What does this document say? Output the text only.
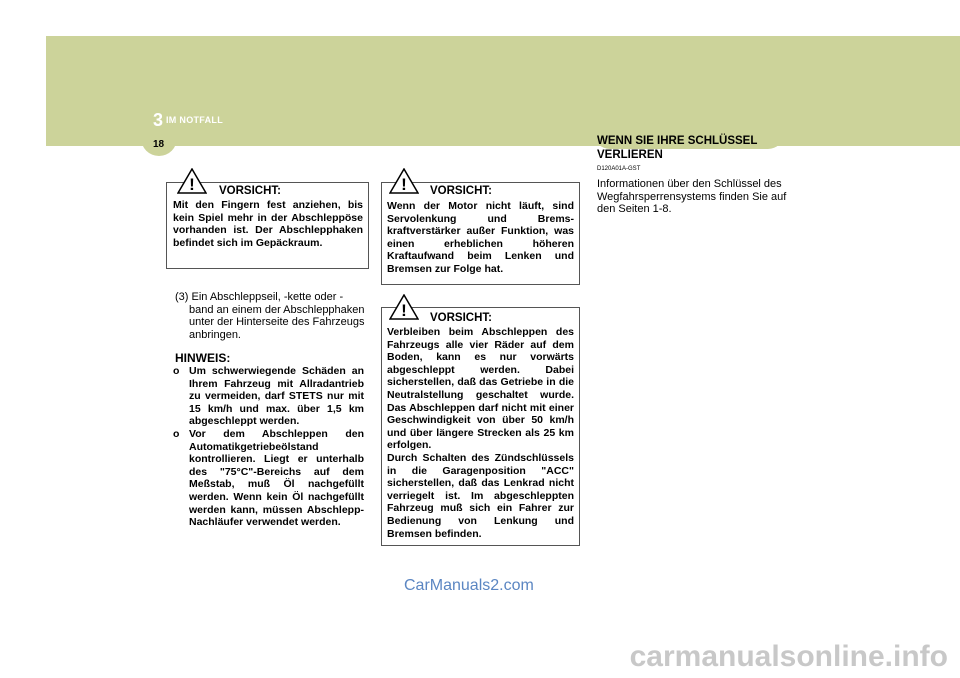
3 IM NOTFALL
18	WENN SIE IHRE SCHLÜSSEL VERLIEREN
! VORSICHT:
Mit den Fingern fest anziehen, bis kein Spiel mehr in der Abschleppöse vorhanden ist. Der Abschlepphaken befindet sich im Gepäckraum.
(3) Ein Abschleppseil, -kette oder -band an einem der Abschlepphaken unter der Hinterseite des Fahrzeugs anbringen.
HINWEIS:
o Um schwerwiegende Schäden an Ihrem Fahrzeug mit Allradantrieb zu vermeiden, darf STETS nur mit 15 km/h und max. über 1,5 km abgeschleppt werden.
o Vor dem Abschleppen den Automatikgetriebeölstand kontrollieren. Liegt er unterhalb des "75°C"-Bereichs auf dem Meßstab, muß Öl nachgefüllt werden. Wenn kein Öl nachgefüllt werden kann, müssen Abschlepp-Nachläufer verwendet werden.
! VORSICHT:
Wenn der Motor nicht läuft, sind Servolenkung und Brems-kraftverstärker außer Funktion, was einen erheblichen höheren Kraftaufwand beim Lenken und Bremsen zur Folge hat.
! VORSICHT:
Verbleiben beim Abschleppen des Fahrzeugs alle vier Räder auf dem Boden, kann es nur vorwärts abgeschleppt werden. Dabei sicherstellen, daß das Getriebe in die Neutralstellung geschaltet wurde. Das Abschleppen darf nicht mit einer Geschwindigkeit von über 50 km/h und über längere Strecken als 25 km erfolgen.
Durch Schalten des Zündschlüssels in die Garagenposition "ACC" sicherstellen, daß das Lenkrad nicht verriegelt ist. Im abgeschleppten Fahrzeug muß sich ein Fahrer zur Bedienung von Lenkung und Bremsen befinden.
D120A01A-GST
Informationen über den Schlüssel des Wegfahrsperrensystems finden Sie auf den Seiten 1-8.
CarManuals2.com
carmanualsonline.info
